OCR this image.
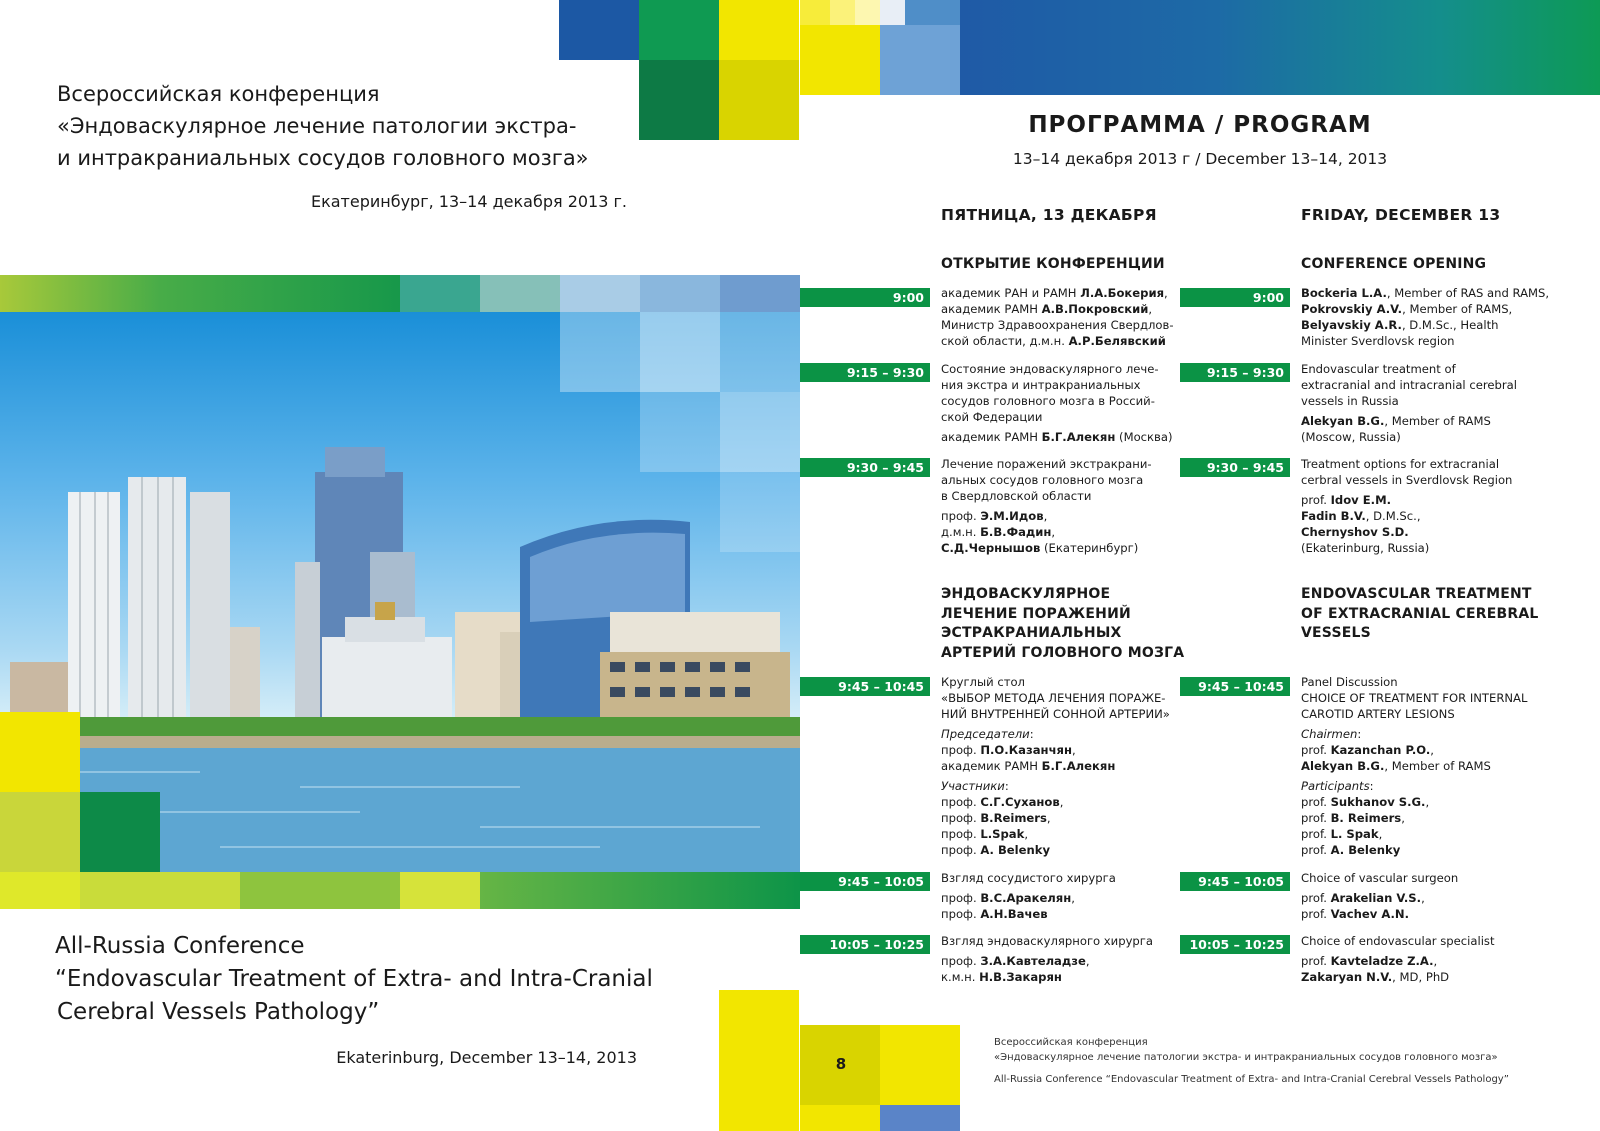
Всероссийская конференция
«Эндоваскулярное лечение патологии экстра-
и интракраниальных сосудов головного мозга»
Екатеринбург, 13–14 декабря 2013 г.
All-Russia Conference
“Endovascular Treatment of Extra- and Intra-Cranial
Cerebral Vessels Pathology”
Ekaterinburg, December 13–14, 2013
ПРОГРАММА / PROGRAM
13–14 декабря 2013 г / December 13–14, 2013
ПЯТНИЦА, 13 ДЕКАБРЯ	FRIDAY, DECEMBER 13
ОТКРЫТИЕ КОНФЕРЕНЦИИ	CONFERENCE OPENING
9:00
9:15 – 9:30
9:30 – 9:45
9:45 – 10:45
9:45 – 10:05
10:05 – 10:25
9:00
9:15 – 9:30
9:30 – 9:45
9:45 – 10:45
9:45 – 10:05
10:05 – 10:25

академик РАН и РАМН Л.А.Бокерия,

академик РАМН А.В.Покровский,

Министр Здравоохранения Свердлов-

ской области, д.м.н. А.Р.Белявский

Состояние эндоваскулярного лече-

ния экстра и интракраниальных

сосудов головного мозга в Россий-

ской Федерации

академик РАМН Б.Г.Алекян (Москва)

Лечение поражений экстракрани-

альных сосудов головного мозга

в Свердловской области

проф. Э.М.Идов,

д.м.н. Б.В.Фадин,

С.Д.Чернышов (Екатеринбург)

ЭНДОВАСКУЛЯРНОЕ
ЛЕЧЕНИЕ ПОРАЖЕНИЙ
ЭСТРАКРАНИАЛЬНЫХ
АРТЕРИЙ ГОЛОВНОГО МОЗГА

Круглый стол

«ВЫБОР МЕТОДА ЛЕЧЕНИЯ ПОРАЖЕ-

НИЙ ВНУТРЕННЕЙ СОННОЙ АРТЕРИИ»

Председатели:

проф. П.О.Казанчян,

академик РАМН Б.Г.Алекян

Участники:

проф. С.Г.Суханов,

проф. B.Reimers,

проф. L.Spak,

проф. A. Belenky

Взгляд сосудистого хирурга

проф. В.С.Аракелян,

проф. А.Н.Вачев

Взгляд эндоваскулярного хирурга

проф. З.А.Кавтеладзе,

к.м.н. Н.В.Закарян

Bockeria L.A., Member of RAS and RAMS,

Pokrovskiy A.V., Member of RAMS,

Belyavskiy A.R., D.M.Sc., Health

Minister Sverdlovsk region

Endovascular treatment of

extracranial and intracranial cerebral

vessels in Russia

Alekyan B.G., Member of RAMS

(Moscow, Russia)

Treatment options for extracranial

cerbral vessels in Sverdlovsk Region

prof. Idov E.M.

Fadin B.V., D.M.Sc.,

Chernyshov S.D.

(Ekaterinburg, Russia)

ENDOVASCULAR TREATMENT
OF EXTRACRANIAL CEREBRAL
VESSELS

Panel Discussion

CHOICE OF TREATMENT FOR INTERNAL

CAROTID ARTERY LESIONS

Chairmen:

prof. Kazanchan P.O.,

Alekyan B.G., Member of RAMS

Participants:

prof. Sukhanov S.G.,

prof. B. Reimers,

prof. L. Spak,

prof. A. Belenky

Choice of vascular surgeon

prof. Arakelian V.S.,

prof. Vachev A.N.

Choice of endovascular specialist

prof. Kavteladze Z.A.,

Zakaryan N.V., MD, PhD

8
Всероссийская конференция
«Эндоваскулярное лечение патологии экстра- и интракраниальных сосудов головного мозга»
All-Russia Conference “Endovascular Treatment of Extra- and Intra-Cranial Cerebral Vessels Pathology”
